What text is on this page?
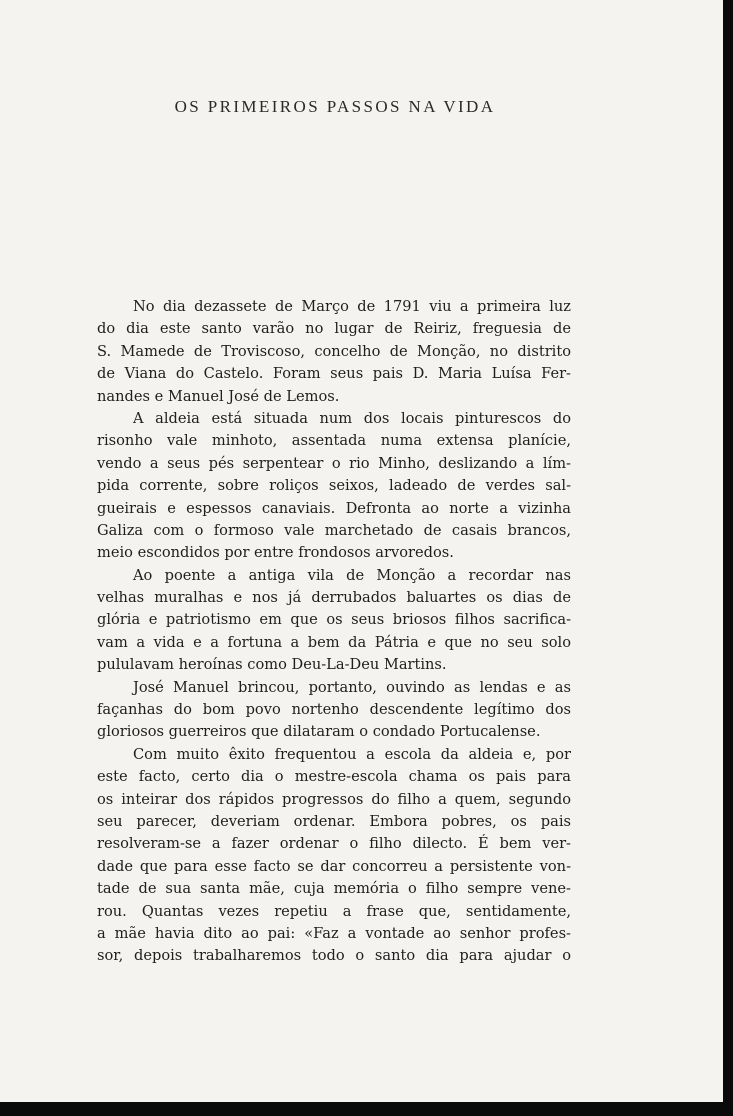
OS PRIMEIROS PASSOS NA VIDA
No dia dezassete de Março de 1791 viu a primeira luz
do dia este santo varão no lugar de Reiriz, freguesia de
S. Mamede de Troviscoso, concelho de Monção, no distrito
de Viana do Castelo. Foram seus pais D. Maria Luísa Fer-
nandes e Manuel José de Lemos.
A aldeia está situada num dos locais pinturescos do
risonho vale minhoto, assentada numa extensa planície,
vendo a seus pés serpentear o rio Minho, deslizando a lím-
pida corrente, sobre roliços seixos, ladeado de verdes sal-
gueirais e espessos canaviais. Defronta ao norte a vizinha
Galiza com o formoso vale marchetado de casais brancos,
meio escondidos por entre frondosos arvoredos.
Ao poente a antiga vila de Monção a recordar nas
velhas muralhas e nos já derrubados baluartes os dias de
glória e patriotismo em que os seus briosos filhos sacrifica-
vam a vida e a fortuna a bem da Pátria e que no seu solo
pululavam heroínas como Deu-La-Deu Martins.
José Manuel brincou, portanto, ouvindo as lendas e as
façanhas do bom povo nortenho descendente legítimo dos
gloriosos guerreiros que dilataram o condado Portucalense.
Com muito êxito frequentou a escola da aldeia e, por
este facto, certo dia o mestre-escola chama os pais para
os inteirar dos rápidos progressos do filho a quem, segundo
seu parecer, deveriam ordenar. Embora pobres, os pais
resolveram-se a fazer ordenar o filho dilecto. É bem ver-
dade que para esse facto se dar concorreu a persistente von-
tade de sua santa mãe, cuja memória o filho sempre vene-
rou. Quantas vezes repetiu a frase que, sentidamente,
a mãe havia dito ao pai: «Faz a vontade ao senhor profes-
sor, depois trabalharemos todo o santo dia para ajudar o
